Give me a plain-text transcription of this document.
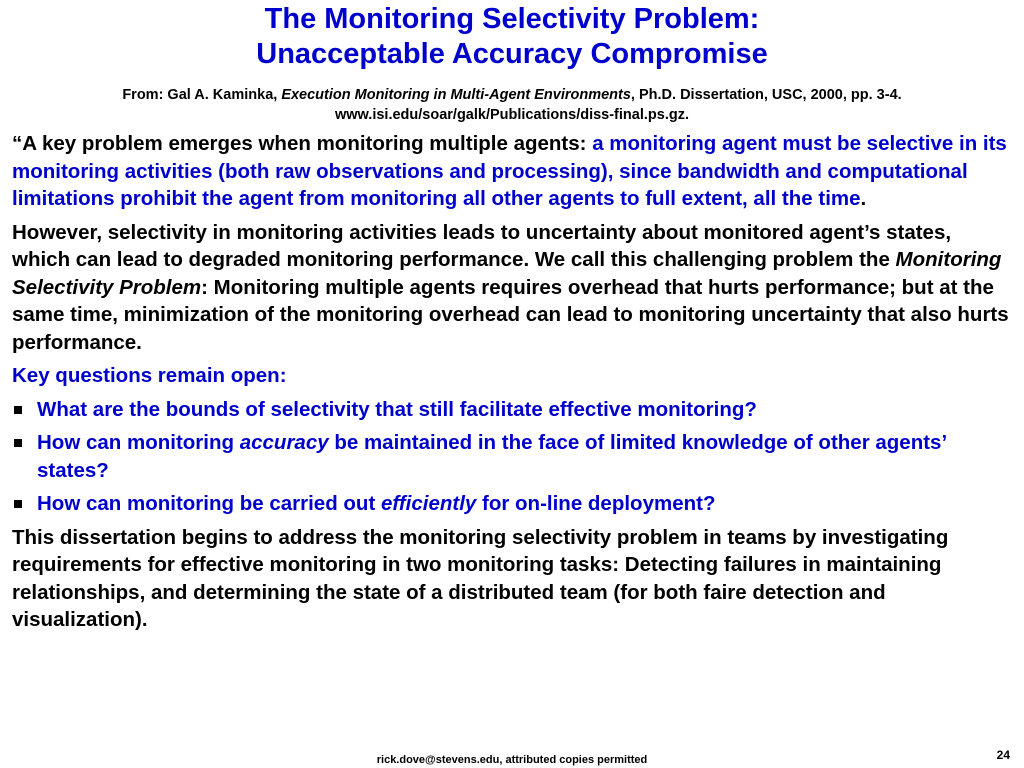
The Monitoring Selectivity Problem:
Unacceptable Accuracy Compromise
From: Gal A. Kaminka, Execution Monitoring in Multi-Agent Environments, Ph.D. Dissertation, USC, 2000, pp. 3-4.
www.isi.edu/soar/galk/Publications/diss-final.ps.gz.

“A key problem emerges when monitoring multiple agents: a monitoring agent must be selective in its monitoring activities (both raw observations and processing), since bandwidth and computational limitations prohibit the agent from monitoring all other agents to full extent, all the time.

However, selectivity in monitoring activities leads to uncertainty about monitored agent’s states, which can lead to degraded monitoring performance. We call this challenging problem the Monitoring Selectivity Problem: Monitoring multiple agents requires overhead that hurts performance; but at the same time, minimization of the monitoring overhead can lead to monitoring uncertainty that also hurts performance.

Key questions remain open:

What are the bounds of selectivity that still facilitate effective monitoring?
How can monitoring accuracy be maintained in the face of limited knowledge of other agents’ states?
How can monitoring be carried out efficiently for on-line deployment?

This dissertation begins to address the monitoring selectivity problem in teams by investigating requirements for effective monitoring in two monitoring tasks: Detecting failures in maintaining relationships, and determining the state of a distributed team (for both faire detection and visualization).

rick.dove@stevens.edu, attributed copies permitted	24
